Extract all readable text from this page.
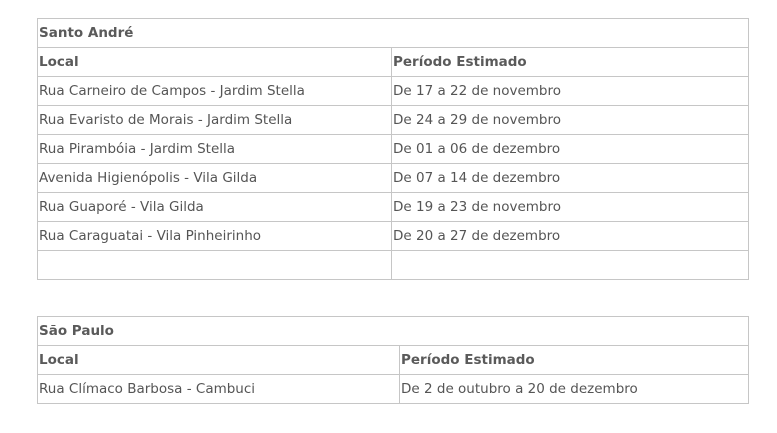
Santo André	
Local	Período Estimado
Rua Carneiro de Campos - Jardim Stella	De 17 a 22 de novembro
Rua Evaristo de Morais - Jardim Stella	De 24 a 29 de novembro
Rua Pirambóia - Jardim Stella	De 01 a 06 de dezembro
Avenida Higienópolis - Vila Gilda	De 07 a 14 de dezembro
Rua Guaporé - Vila Gilda	De 19 a 23 de novembro
Rua Caraguatai - Vila Pinheirinho	De 20 a 27 de dezembro

São Paulo	
Local	Período Estimado
Rua Clímaco Barbosa - Cambuci	De 2 de outubro a 20 de dezembro
